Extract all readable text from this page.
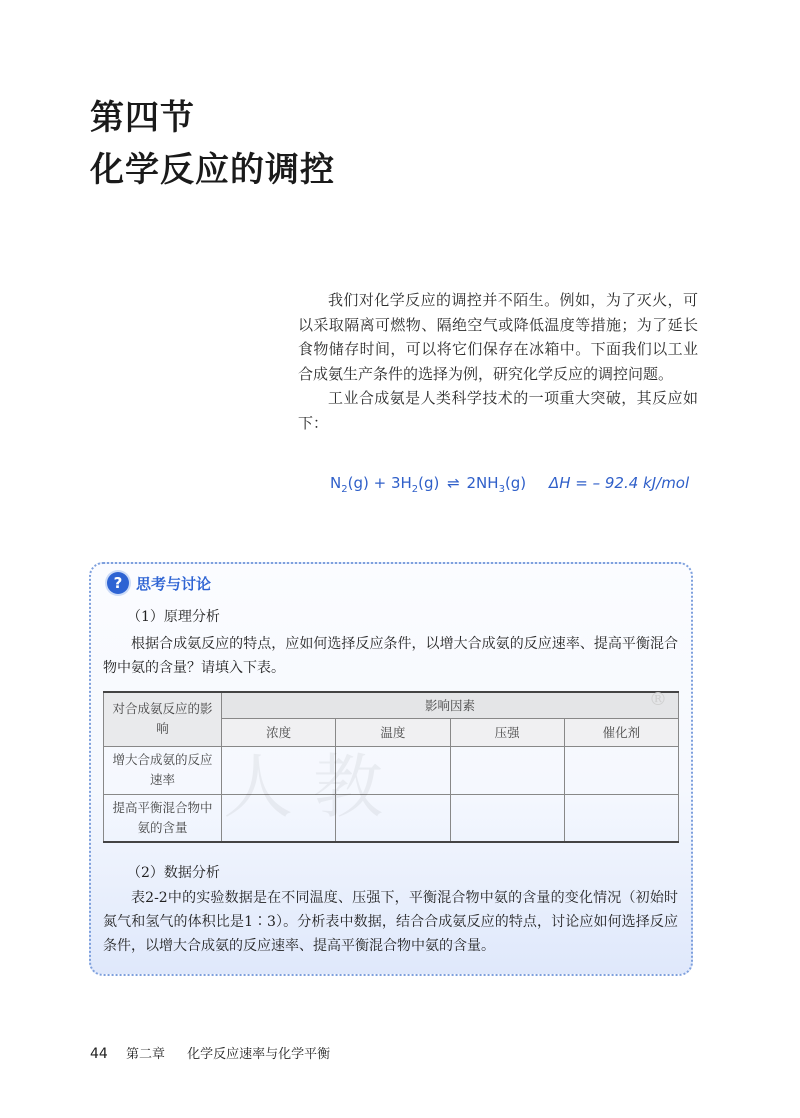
第四节
化学反应的调控

我们对化学反应的调控并不陌生。例如，为了灭火，可以采取隔离可燃物、隔绝空气或降低温度等措施；为了延长食物储存时间，可以将它们保存在冰箱中。下面我们以工业合成氨生产条件的选择为例，研究化学反应的调控问题。

工业合成氨是人类科学技术的一项重大突破，其反应如下：

$N_2(g) + 3H_2(g)$ ⇌ $2NH_3(g) \Delta H$ = – 92.4 kJ/mol
? 思考与讨论
（1）原理分析

根据合成氨反应的特点，应如何选择反应条件，以增大合成氨的反应速率、提高平衡混合物中氨的含量？请填入下表。

人教
®
对合成氨反应的影响	影响因素			
	浓度	温度	压强	催化剂
增大合成氨的反应速率				
提高平衡混合物中氨的含量				
（2）数据分析

表2-2中的实验数据是在不同温度、压强下，平衡混合物中氨的含量的变化情况（初始时氮气和氢气的体积比是1∶3）。分析表中数据，结合合成氨反应的特点，讨论应如何选择反应条件，以增大合成氨的反应速率、提高平衡混合物中氨的含量。

44 第二章 化学反应速率与化学平衡
